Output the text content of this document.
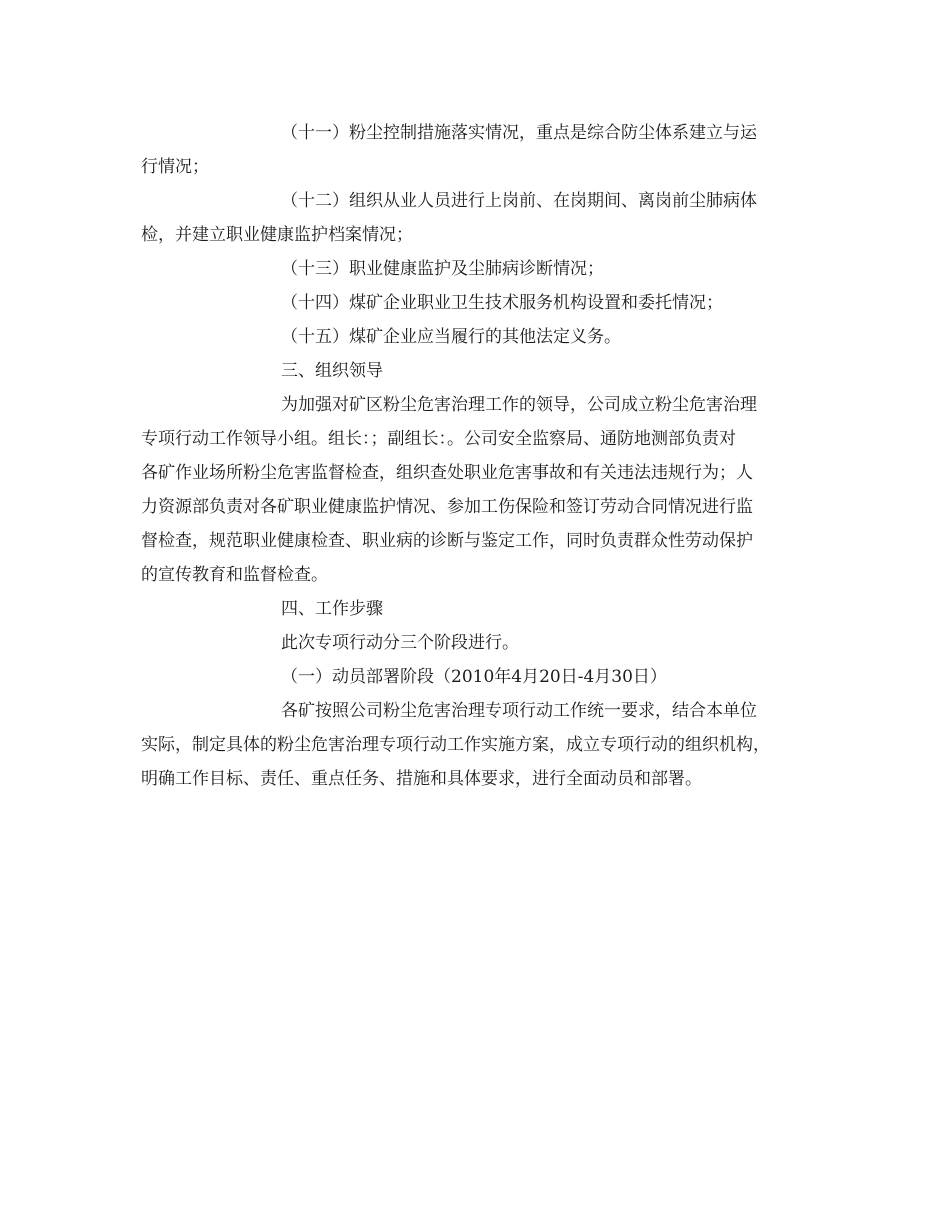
（十一）粉尘控制措施落实情况，重点是综合防尘体系建立与运
行情况；
（十二）组织从业人员进行上岗前、在岗期间、离岗前尘肺病体
检，并建立职业健康监护档案情况；
（十三）职业健康监护及尘肺病诊断情况；
（十四）煤矿企业职业卫生技术服务机构设置和委托情况；
（十五）煤矿企业应当履行的其他法定义务。
三、组织领导
为加强对矿区粉尘危害治理工作的领导，公司成立粉尘危害治理
专项行动工作领导小组。组长：；副组长：。公司安全监察局、通防地测部负责对
各矿作业场所粉尘危害监督检查，组织查处职业危害事故和有关违法违规行为；人
力资源部负责对各矿职业健康监护情况、参加工伤保险和签订劳动合同情况进行监
督检查，规范职业健康检查、职业病的诊断与鉴定工作，同时负责群众性劳动保护
的宣传教育和监督检查。
四、工作步骤
此次专项行动分三个阶段进行。
（一）动员部署阶段（2010年4月20日-4月30日）
各矿按照公司粉尘危害治理专项行动工作统一要求，结合本单位
实际，制定具体的粉尘危害治理专项行动工作实施方案，成立专项行动的组织机构，
明确工作目标、责任、重点任务、措施和具体要求，进行全面动员和部署。
